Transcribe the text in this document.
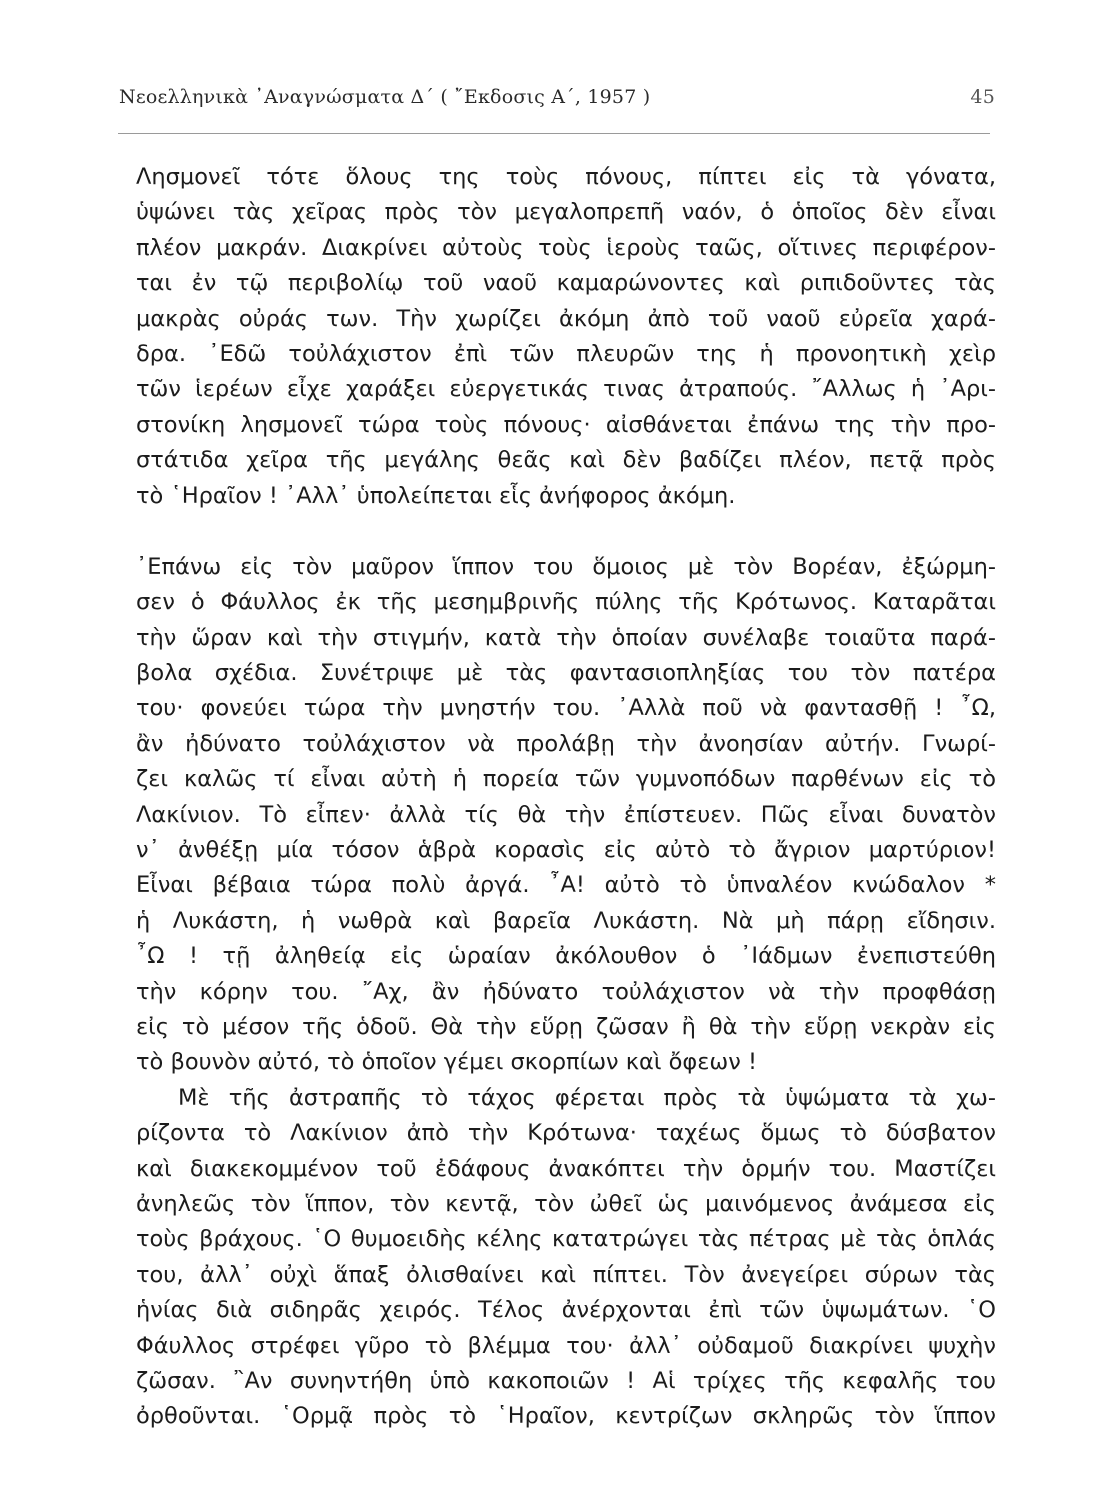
Νεοελληνικὰ ᾿Αναγνώσματα Δ΄ ( ῎Εκδοσις Α΄, 1957 )	45
Λησμονεῖ τότε ὅλους της τοὺς πόνους, πίπτει εἰς τὰ γόνατα,
ὑψώνει τὰς χεῖρας πρὸς τὸν μεγαλοπρεπῆ ναόν, ὁ ὁποῖος δὲν εἶναι
πλέον μακράν. Διακρίνει αὐτοὺς τοὺς ἱεροὺς ταῶς, οἵτινες περιφέρον-
ται ἐν τῷ περιβολίῳ τοῦ ναοῦ καμαρώνοντες καὶ ριπιδοῦντες τὰς
μακρὰς οὐράς των. Τὴν χωρίζει ἀκόμη ἀπὸ τοῦ ναοῦ εὐρεῖα χαρά-
δρα. ᾿Εδῶ τοὐλάχιστον ἐπὶ τῶν πλευρῶν της ἡ προνοητικὴ χεὶρ
τῶν ἱερέων εἶχε χαράξει εὐεργετικάς τινας ἀτραπούς. ῎Αλλως ἡ ᾿Αρι-
στονίκη λησμονεῖ τώρα τοὺς πόνους· αἰσθάνεται ἐπάνω της τὴν προ-
στάτιδα χεῖρα τῆς μεγάλης θεᾶς καὶ δὲν βαδίζει πλέον, πετᾷ πρὸς
τὸ ῾Ηραῖον ! ᾿Αλλ᾿ ὑπολείπεται εἷς ἀνήφορος ἀκόμη.
᾿Επάνω εἰς τὸν μαῦρον ἵππον του ὅμοιος μὲ τὸν Βορέαν, ἐξώρμη-
σεν ὁ Φάυλλος ἐκ τῆς μεσημβρινῆς πύλης τῆς Κρότωνος. Καταρᾶται
τὴν ὥραν καὶ τὴν στιγμήν, κατὰ τὴν ὁποίαν συνέλαβε τοιαῦτα παρά-
βολα σχέδια. Συνέτριψε μὲ τὰς φαντασιοπληξίας του τὸν πατέρα
του· φονεύει τώρα τὴν μνηστήν του. ᾿Αλλὰ ποῦ νὰ φαντασθῇ ! ῏Ω,
ἂν ἠδύνατο τοὐλάχιστον νὰ προλάβῃ τὴν ἀνοησίαν αὐτήν. Γνωρί-
ζει καλῶς τί εἶναι αὐτὴ ἡ πορεία τῶν γυμνοπόδων παρθένων εἰς τὸ
Λακίνιον. Τὸ εἶπεν· ἀλλὰ τίς θὰ τὴν ἐπίστευεν. Πῶς εἶναι δυνατὸν
ν᾿ ἀνθέξῃ μία τόσον ἁβρὰ κορασὶς εἰς αὐτὸ τὸ ἄγριον μαρτύριον!
Εἶναι βέβαια τώρα πολὺ ἀργά. ῏Α! αὐτὸ τὸ ὑπναλέον κνώδαλον *
ἡ Λυκάστη, ἡ νωθρὰ καὶ βαρεῖα Λυκάστη. Νὰ μὴ πάρῃ εἴδησιν.
῏Ω ! τῇ ἀληθείᾳ εἰς ὡραίαν ἀκόλουθον ὁ ᾿Ιάδμων ἐνεπιστεύθη
τὴν κόρην του. ῎Αχ, ἂν ἠδύνατο τοὐλάχιστον νὰ τὴν προφθάσῃ
εἰς τὸ μέσον τῆς ὁδοῦ. Θὰ τὴν εὕρῃ ζῶσαν ἢ θὰ τὴν εὕρῃ νεκρὰν εἰς
τὸ βουνὸν αὐτό, τὸ ὁποῖον γέμει σκορπίων καὶ ὄφεων !
Μὲ τῆς ἀστραπῆς τὸ τάχος φέρεται πρὸς τὰ ὑψώματα τὰ χω-
ρίζοντα τὸ Λακίνιον ἀπὸ τὴν Κρότωνα· ταχέως ὅμως τὸ δύσβατον
καὶ διακεκομμένον τοῦ ἐδάφους ἀνακόπτει τὴν ὁρμήν του. Μαστίζει
ἀνηλεῶς τὸν ἵππον, τὸν κεντᾷ, τὸν ὠθεῖ ὡς μαινόμενος ἀνάμεσα εἰς
τοὺς βράχους. ῾Ο θυμοειδὴς κέλης κατατρώγει τὰς πέτρας μὲ τὰς ὁπλάς
του, ἀλλ᾿ οὐχὶ ἅπαξ ὀλισθαίνει καὶ πίπτει. Τὸν ἀνεγείρει σύρων τὰς
ἡνίας διὰ σιδηρᾶς χειρός. Τέλος ἀνέρχονται ἐπὶ τῶν ὑψωμάτων. ῾Ο
Φάυλλος στρέφει γῦρο τὸ βλέμμα του· ἀλλ᾿ οὐδαμοῦ διακρίνει ψυχὴν
ζῶσαν. ῍Αν συνηντήθη ὑπὸ κακοποιῶν ! Αἱ τρίχες τῆς κεφαλῆς του
ὀρθοῦνται. ῾Ορμᾷ πρὸς τὸ ῾Ηραῖον, κεντρίζων σκληρῶς τὸν ἵππον
